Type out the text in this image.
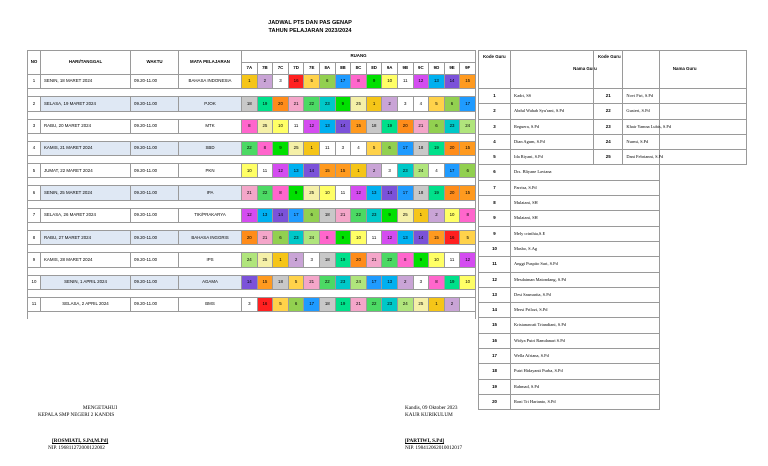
JADWAL PTS DAN PAS GENAP
TAHUN PELAJARAN 2023/2024
NO	HARI/TANGGAL	WAKTU	MATA PELAJARAN	RUANG														
				7A	7B	7C	7D	7E	8A	8B	8C	8D	9A	9B	9C	9D	9E	9F
1	SENIN, 18 MARET 2024	09.20-11.00	BAHASA INDONESIA	1	2	3	16	5	6	17	8	9	10	11	12	13	14	15

2	SELASA, 19 MARET 2024	09.20-11.00	PJOK	18	19	20	21	22	23	9	25	1	2	3	4	5	6	17

3	RABU, 20 MARET 2024	09.20-11.00	MTK	8	25	10	11	12	13	14	15	18	19	20	21	6	23	24

4	KAMIS, 21 MARET 2024	09.20-11.00	SBD	22	8	9	25	1	11	3	4	5	6	17	18	19	20	15

5	JUMAT, 22 MARET 2024	09.20-11.00	PKN	10	11	12	13	14	15	15	1	2	3	23	24	4	17	6

6	SENIN, 25 MARET 2024	09.20-11.00	IPA	21	22	8	9	25	10	11	12	13	14	17	18	19	20	15

7	SELASA, 26 MARET 2024	09.20-11.00	TIK/PRAKARYA	12	13	14	17	6	18	21	22	23	9	25	1	2	10	8

8	RABU, 27 MARET 2024	09.20-11.00	BAHASA INGGRIS	20	21	6	23	24	8	9	10	11	12	13	14	15	16	5

9	KAMIS, 28 MARET 2024	09.20-11.00	IPS	24	25	1	2	3	18	19	20	21	22	8	9	10	11	12

10	SENIN, 1 APRIL 2024	09.20-11.00	AGAMA	14	15	18	5	21	22	23	24	17	13	2	3	8	19	10

11	SELASA, 2 APRIL 2024	09.20-11.00	BMS	3	16	5	6	17	18	19	21	22	23	24	25	1	2	

Kode Guru	Nama Guru
1	Kadri, SS
2	Abdul Wahab Syu'rani, S.Pd
3	Reguera, S.Pd
4	Dian Agum, S.Pd
5	Ida Riyani, S.Pd
6	Drs. Bliyane Laviana
7	Parrisa, S.Pd
8	Mulaiani, SH
9	Mulaiani, SH
9	Mely crinthia,S.E
10	Masbo, S.Ag
11	Anggi Puspito Sari, S.Pd
12	Mesdaiman Matondang, S.Pd
13	Desi Sasmarita, S.Pd
14	Mersi Prilozi, S.Pd
15	Kristanawati Triandiani, S.Pd
16	Widya Putri Ramdanari S.Pd
17	Wella Afriana, S.Pd
18	Putri Hidayanti Purba, S.Pd
19	Rahmad, S.Pd
20	Roni Tri Harianto, S.Pd
Kode Guru	Nama Guru
21	Novi Ftri, S.Pd
22	Gusteri, S.Pd
23	Khair Yamna Lubis, S.Pd
24	Nurmi, S.Pd
25	Dani Febrianni, S.Pd
MENGETAHUI
KEPALA SMP NEGERI 2 KANDIS
[ROSMIATI, S.Pd,M.Pd]
NIP. 196811272000122002
Kandis, 09 Oktober 2023
KAUR KURIKULUM
[PARTIWI, S.Pd]
NIP. 198412062010012017
